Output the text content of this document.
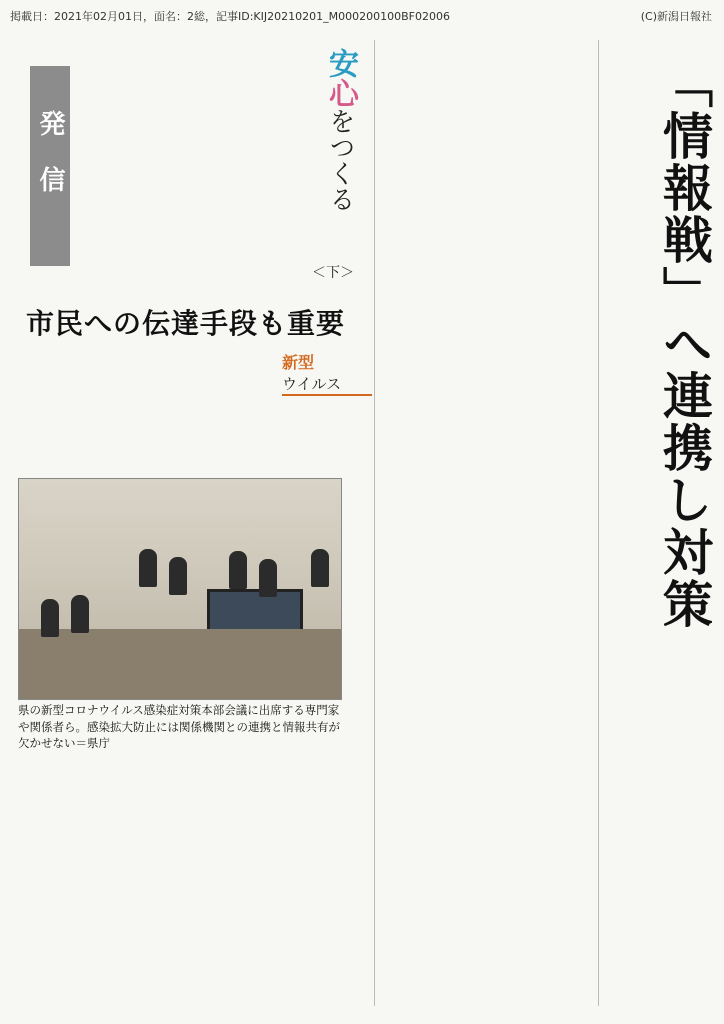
掲載日：2021年02月01日，面名：2総，記事ID:KIJ20210201_M000200100BF02006	(C)新潟日報社
「情報戦」へ連携し対策
安心をつくる
＜下＞
市民への伝達手段も重要
発信
新型
ウイルス
県の新型コロナウイルス感染症対策本部会議に出席する専門家や関係者ら。感染拡大防止には関係機関との連携と情報共有が欠かせない＝県庁
